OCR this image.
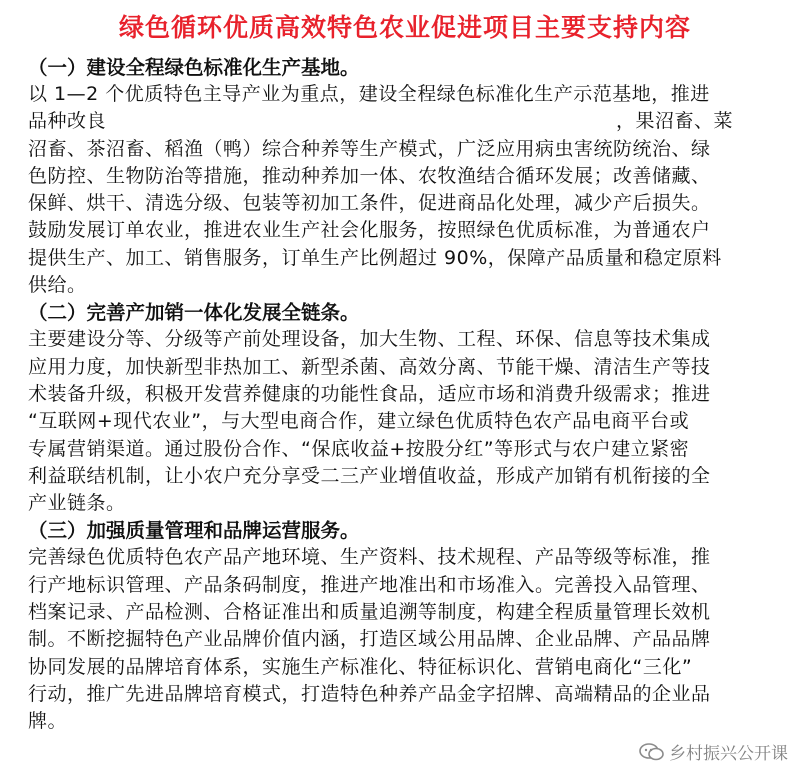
绿色循环优质高效特色农业促进项目主要支持内容
（一）建设全程绿色标准化生产基地。
以 1—2 个优质特色主导产业为重点，建设全程绿色标准化生产示范基地，推进
品种改良	，果沼畜、菜
沼畜、茶沼畜、稻渔（鸭）综合种养等生产模式，广泛应用病虫害统防统治、绿
色防控、生物防治等措施，推动种养加一体、农牧渔结合循环发展；改善储藏、
保鲜、烘干、清选分级、包装等初加工条件，促进商品化处理，减少产后损失。
鼓励发展订单农业，推进农业生产社会化服务，按照绿色优质标准，为普通农户
提供生产、加工、销售服务，订单生产比例超过 90%，保障产品质量和稳定原料
供给。
（二）完善产加销一体化发展全链条。
主要建设分等、分级等产前处理设备，加大生物、工程、环保、信息等技术集成
应用力度，加快新型非热加工、新型杀菌、高效分离、节能干燥、清洁生产等技
术装备升级，积极开发营养健康的功能性食品，适应市场和消费升级需求；推进
“互联网+现代农业”，与大型电商合作，建立绿色优质特色农产品电商平台或
专属营销渠道。通过股份合作、“保底收益+按股分红”等形式与农户建立紧密
利益联结机制，让小农户充分享受二三产业增值收益，形成产加销有机衔接的全
产业链条。
（三）加强质量管理和品牌运营服务。
完善绿色优质特色农产品产地环境、生产资料、技术规程、产品等级等标准，推
行产地标识管理、产品条码制度，推进产地准出和市场准入。完善投入品管理、
档案记录、产品检测、合格证准出和质量追溯等制度，构建全程质量管理长效机
制。不断挖掘特色产业品牌价值内涵，打造区域公用品牌、企业品牌、产品品牌
协同发展的品牌培育体系，实施生产标准化、特征标识化、营销电商化“三化”
行动，推广先进品牌培育模式，打造特色种养产品金字招牌、高端精品的企业品
牌。
乡村振兴公开课
